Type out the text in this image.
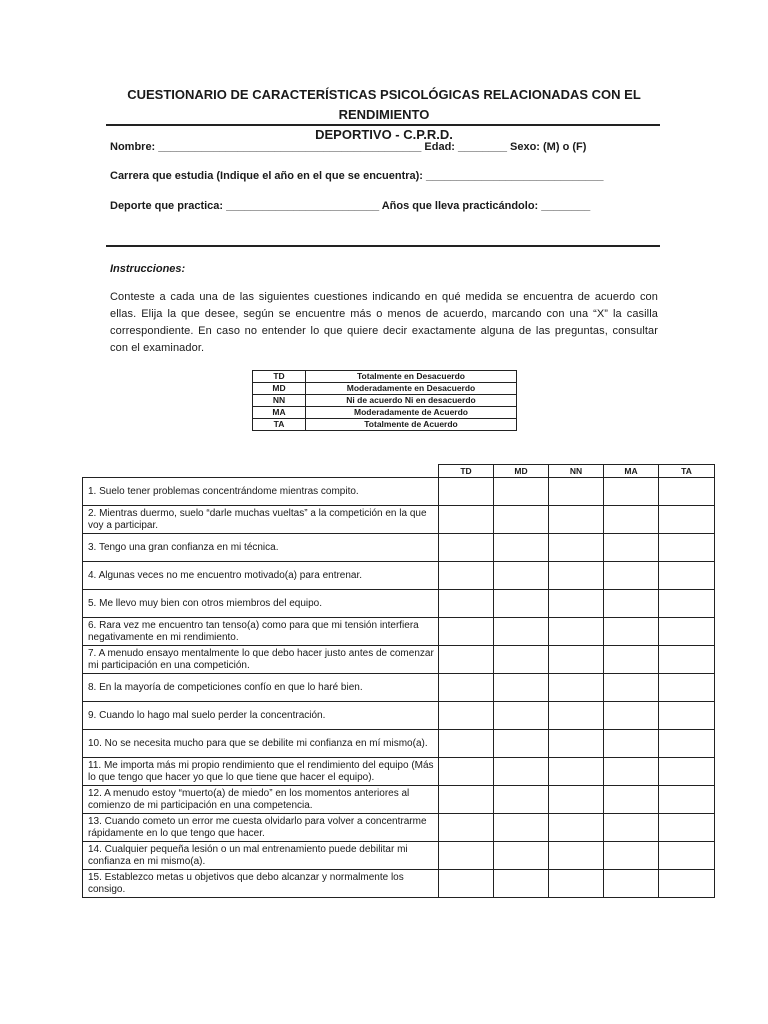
CUESTIONARIO DE CARACTERÍSTICAS PSICOLÓGICAS RELACIONADAS CON EL RENDIMIENTO
DEPORTIVO - C.P.R.D.
Nombre: ___________________________________________ Edad: ________ Sexo: (M) o (F)
Carrera que estudia (Indique el año en el que se encuentra): _____________________________
Deporte que practica: _________________________ Años que lleva practicándolo: ________
Instrucciones:
Conteste a cada una de las siguientes cuestiones indicando en qué medida se encuentra de acuerdo con ellas. Elija la que desee, según se encuentre más o menos de acuerdo, marcando con una “X” la casilla correspondiente. En caso no entender lo que quiere decir exactamente alguna de las preguntas, consultar con el examinador.
TD	Totalmente en Desacuerdo
MD	Moderadamente en Desacuerdo
NN	Ni de acuerdo Ni en desacuerdo
MA	Moderadamente de Acuerdo
TA	Totalmente de Acuerdo
	TD	MD	NN	MA	TA
1. Suelo tener problemas concentrándome mientras compito.					
2. Mientras duermo, suelo “darle muchas vueltas” a la competición en la que voy a participar.					
3. Tengo una gran confianza en mi técnica.					
4. Algunas veces no me encuentro motivado(a) para entrenar.					
5. Me llevo muy bien con otros miembros del equipo.					
6. Rara vez me encuentro tan tenso(a) como para que mi tensión interfiera negativamente en mi rendimiento.					
7. A menudo ensayo mentalmente lo que debo hacer justo antes de comenzar mi participación en una competición.					
8. En la mayoría de competiciones confío en que lo haré bien.					
9. Cuando lo hago mal suelo perder la concentración.					
10. No se necesita mucho para que se debilite mi confianza en mí mismo(a).					
11. Me importa más mi propio rendimiento que el rendimiento del equipo (Más lo que tengo que hacer yo que lo que tiene que hacer el equipo).					
12. A menudo estoy “muerto(a) de miedo” en los momentos anteriores al comienzo de mi participación en una competencia.					
13. Cuando cometo un error me cuesta olvidarlo para volver a concentrarme rápidamente en lo que tengo que hacer.					
14. Cualquier pequeña lesión o un mal entrenamiento puede debilitar mi confianza en mi mismo(a).					
15. Establezco metas u objetivos que debo alcanzar y normalmente los consigo.					
